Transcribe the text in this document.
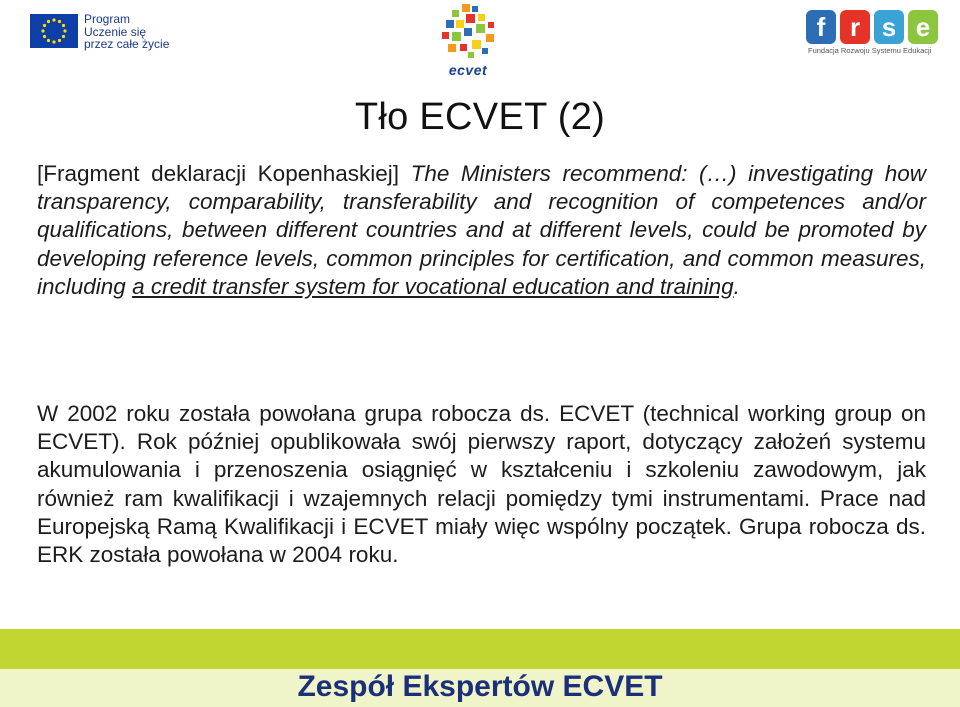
Program
Uczenie się
przez całe życie
ecvet
f r s e
Fundacja Rozwoju Systemu Edukacji
Tło ECVET (2)
[Fragment deklaracji Kopenhaskiej] The Ministers recommend: (…) investigating how transparency, comparability, transferability and recognition of competences and/or qualifications, between different countries and at different levels, could be promoted by developing reference levels, common principles for certification, and common measures, including a credit transfer system for vocational education and training.
W 2002 roku została powołana grupa robocza ds. ECVET (technical working group on ECVET). Rok później opublikowała swój pierwszy raport, dotyczący założeń systemu akumulowania i przenoszenia osiągnięć w kształceniu i szkoleniu zawodowym, jak również ram kwalifikacji i wzajemnych relacji pomiędzy tymi instrumentami. Prace nad Europejską Ramą Kwalifikacji i ECVET miały więc wspólny początek. Grupa robocza ds. ERK została powołana w 2004 roku.
Zespół Ekspertów ECVET
